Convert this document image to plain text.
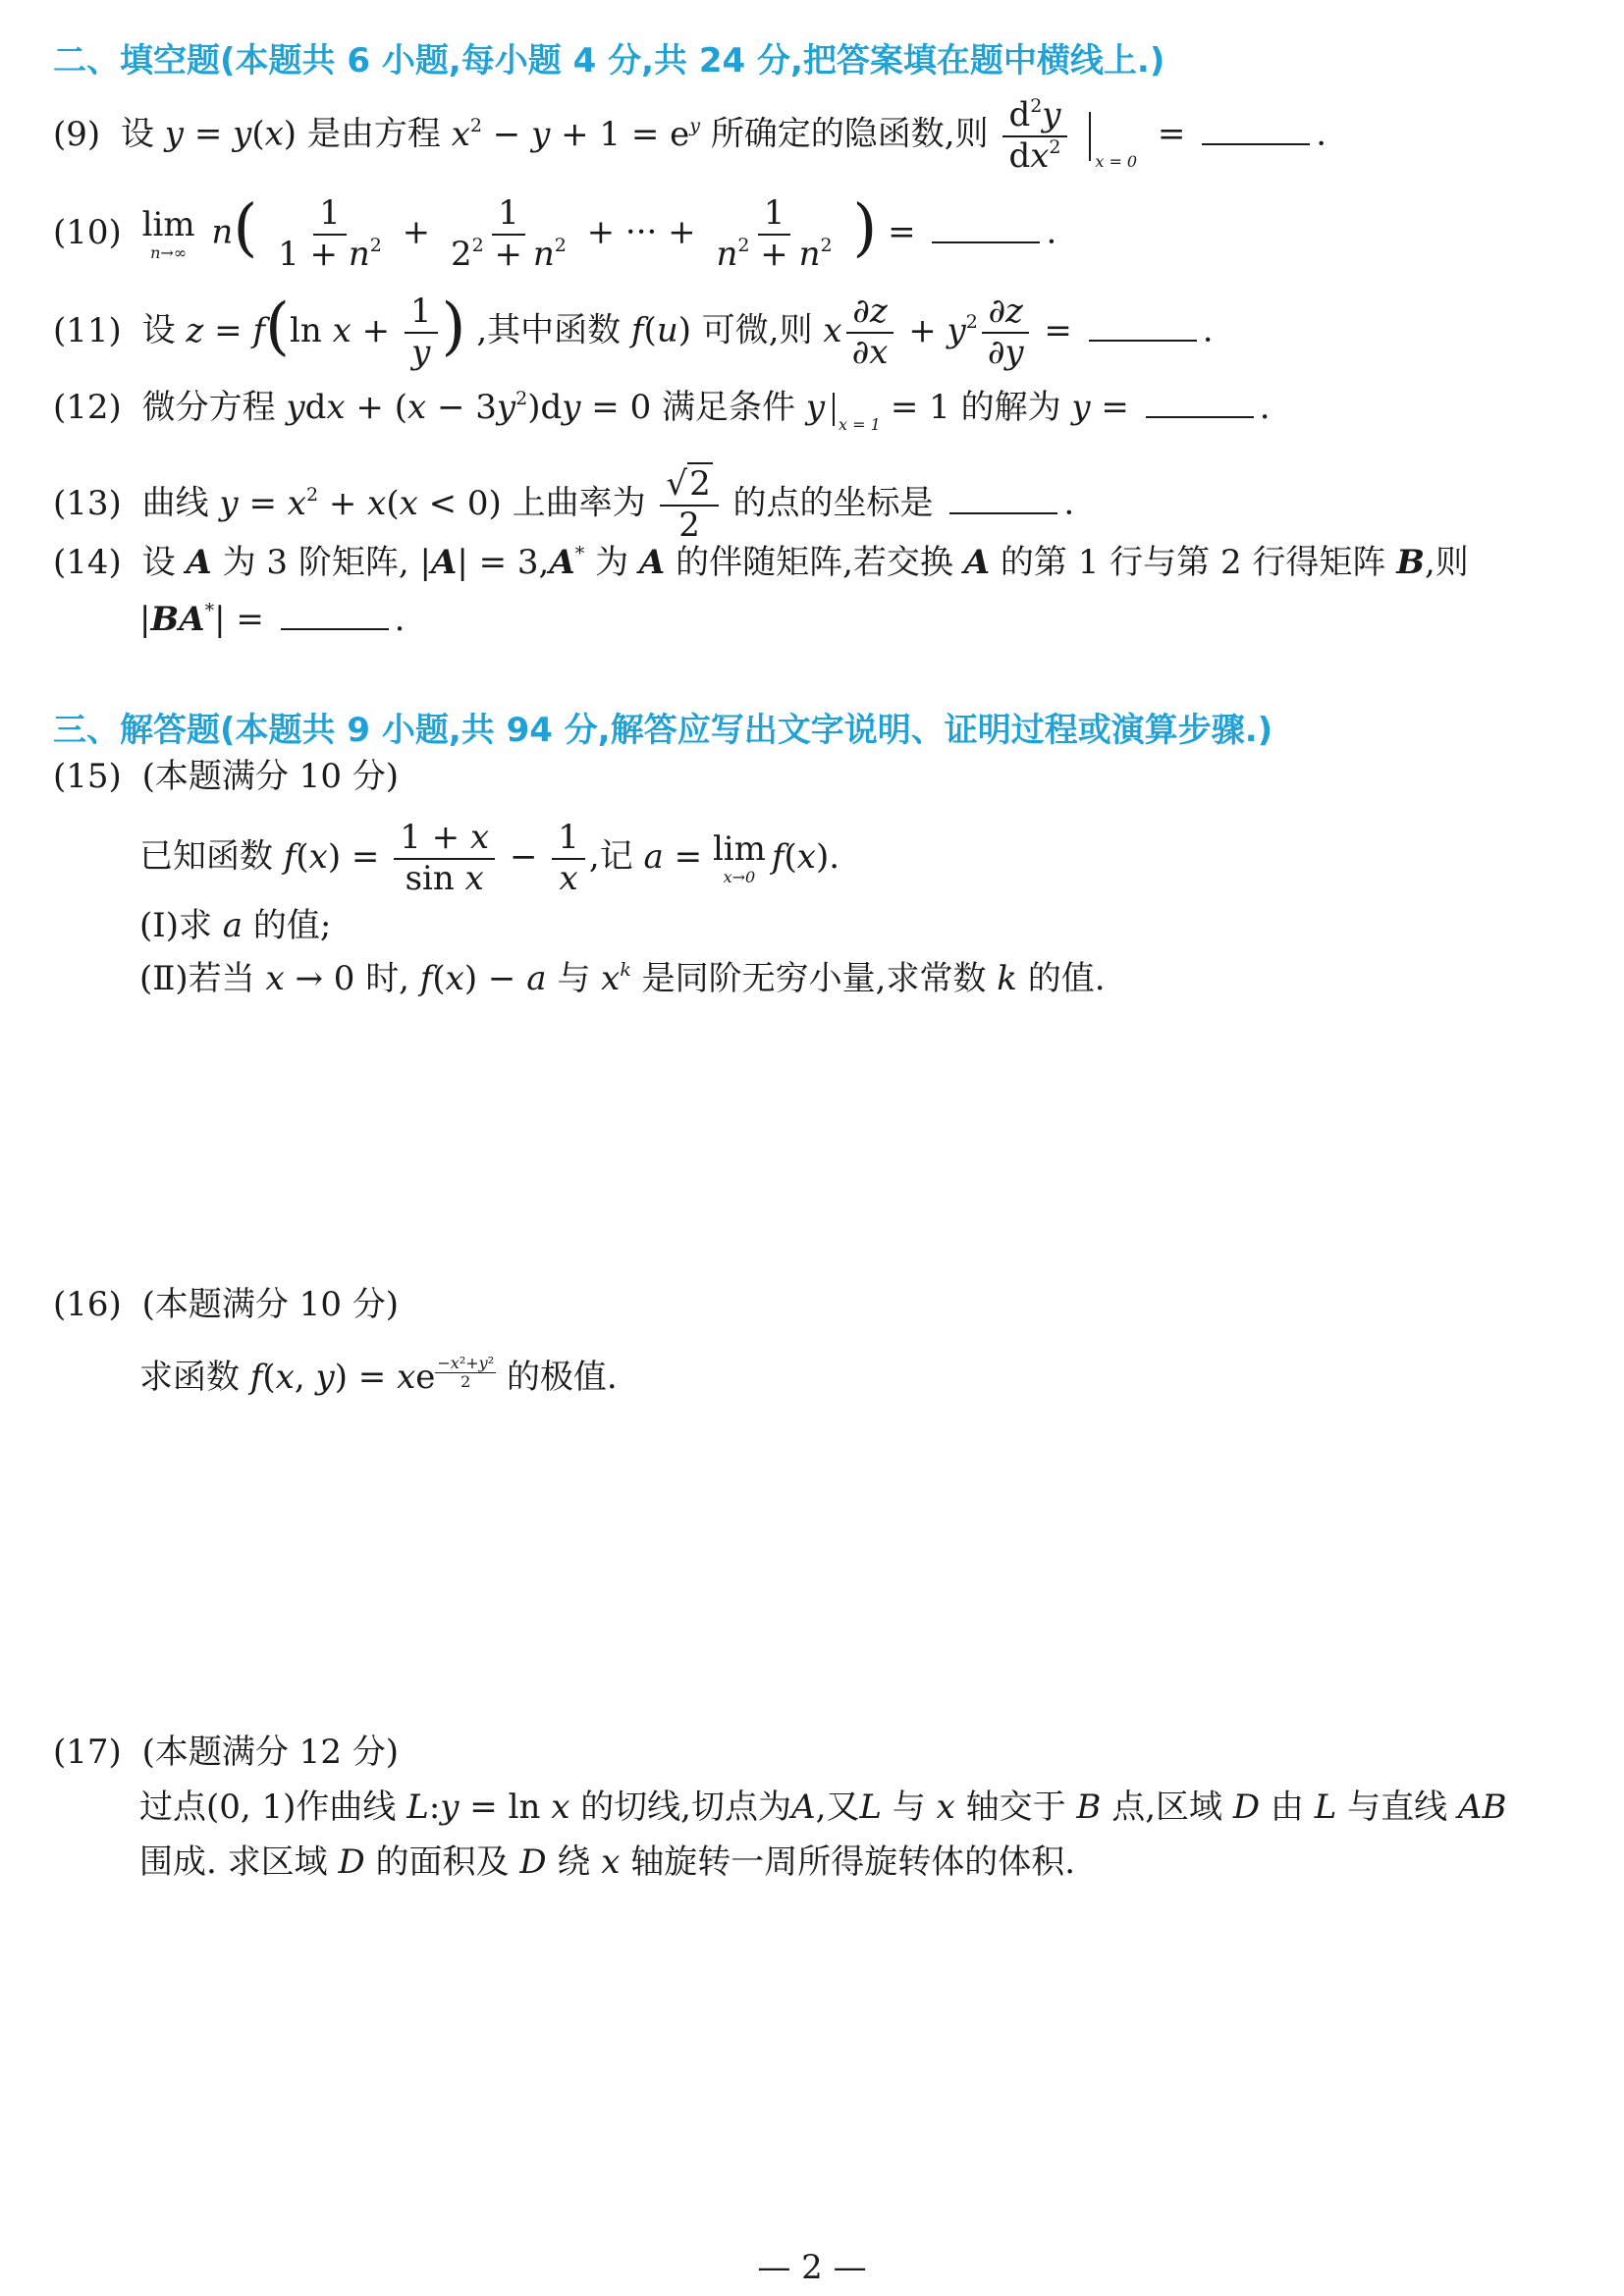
二、填空题(本题共 6 小题,每小题 4 分,共 24 分,把答案填在题中横线上.)
(9) 设 y = y(x) 是由方程 $x^2 - y + 1 = e^y$ 所确定的隐函数,则 $\frac{d^2y}{dx^2}$ x = 0 =	.
(10) lim
n→∞
$n( \frac{1}{1 + n^2} + \frac{1}{2^2 + n^2}$ + ··· + $\frac{1}{n^2 + n^2}$ ) =	.
(11) 设 z = f(ln $x + \frac{1}{y}$ ) ,其中函数 f(u) 可微,则 x $\frac{\partial z}{\partial x} + y^2 \frac{\partial z}{\partial y}$ =	.
(12) 微分方程 ydx + $(x - 3y^2)dy = 0$ 满足条件 y x = 1 = 1 的解为 y =	.
(13) 曲线 $y = x^2 + x(x < 0)$ 上曲率为 $\frac{√2}{2}$ 的点的坐标是	.
(14) 设 A 为 3 阶矩阵, |A| = 3,A* 为 A 的伴随矩阵,若交换 A 的第 1 行与第 2 行得矩阵 B,则
|BA*| =	.
三、解答题(本题共 9 小题,共 94 分,解答应写出文字说明、证明过程或演算步骤.)
(15) (本题满分 10 分)
已知函数 $f(x) = \frac{1 + x}{\text{sin x}} - \frac{1}{x}$ ,记 a = lim
x→0
f(x).
(Ⅰ)求 a 的值;
(Ⅱ)若当 x → 0 时, f(x) − a 与 $x^k$ 是同阶无穷小量,求常数 k 的值.
(16) (本题满分 10 分)
求函数 f(x, y) = xe $\frac{\text{−x²+y²}}{2}$ 的极值.
(17) (本题满分 12 分)
过点(0, 1)作曲线 L:y = ln x 的切线,切点为A,又L 与 x 轴交于 B 点,区域 D 由 L 与直线 AB
围成. 求区域 D 的面积及 D 绕 x 轴旋转一周所得旋转体的体积.
— 2 —
